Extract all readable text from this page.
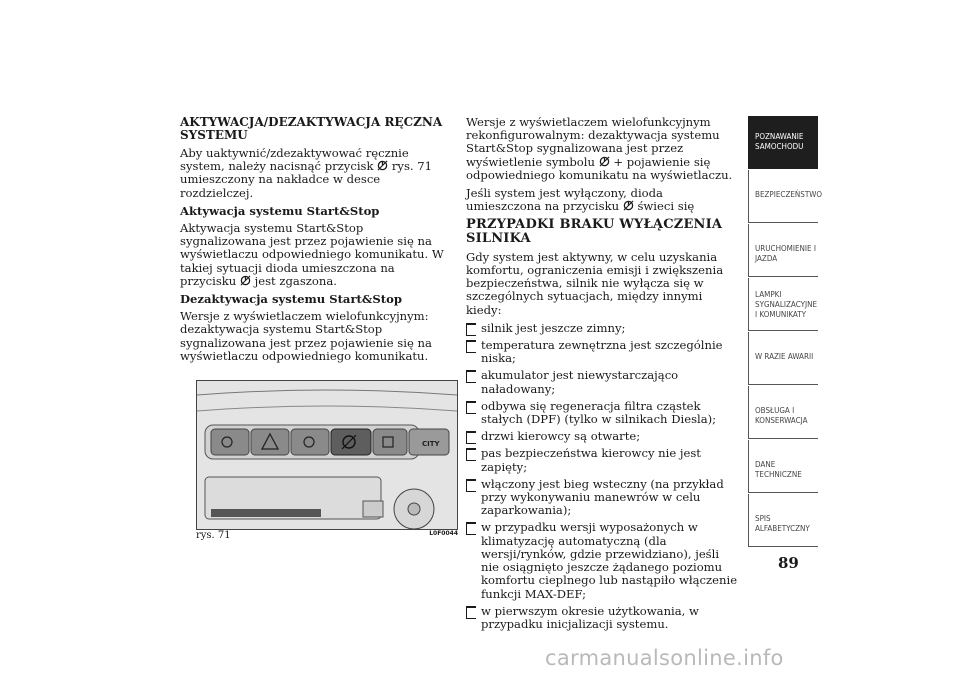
AKTYWACJA/DEZAKTYWACJA RĘCZNA SYSTEMU

Aby uaktywnić/zdezaktywować ręcznie system, należy nacisnąć przycisk rys. 71 umieszczony na nakładce w desce rozdzielczej.

Aktywacja systemu Start&Stop

Aktywacja systemu Start&Stop sygnalizowana jest przez pojawienie się na wyświetlaczu odpowiedniego komunikatu. W takiej sytuacji dioda umieszczona na przycisku jest zgaszona.

Dezaktywacja systemu Start&Stop

Wersje z wyświetlaczem wielofunkcyjnym: dezaktywacja systemu Start&Stop sygnalizowana jest przez pojawienie się na wyświetlaczu odpowiedniego komunikatu.

CITY
rys. 71	L0F0044

Wersje z wyświetlaczem wielofunkcyjnym rekonfigurowalnym: dezaktywacja systemu Start&Stop sygnalizowana jest przez wyświetlenie symbolu + pojawienie się odpowiedniego komunikatu na wyświetlaczu.

Jeśli system jest wyłączony, dioda umieszczona na przycisku świeci się

PRZYPADKI BRAKU WYŁĄCZENIA SILNIKA

Gdy system jest aktywny, w celu uzyskania komfortu, ograniczenia emisji i zwiększenia bezpieczeństwa, silnik nie wyłącza się w szczególnych sytuacjach, między innymi kiedy:

silnik jest jeszcze zimny;
temperatura zewnętrzna jest szczególnie niska;
akumulator jest niewystarczająco naładowany;
odbywa się regeneracja filtra cząstek stałych (DPF) (tylko w silnikach Diesla);
drzwi kierowcy są otwarte;
pas bezpieczeństwa kierowcy nie jest zapięty;
włączony jest bieg wsteczny (na przykład przy wykonywaniu manewrów w celu zaparkowania);
w przypadku wersji wyposażonych w klimatyzację automatyczną (dla wersji/rynków, gdzie przewidziano), jeśli nie osiągnięto jeszcze żądanego poziomu komfortu cieplnego lub nastąpiło włączenie funkcji MAX-DEF;
w pierwszym okresie użytkowania, w przypadku inicjalizacji systemu.
POZNAWANIE
SAMOCHODU
BEZPIECZEŃSTWO
URUCHOMIENIE I
JAZDA
LAMPKI
SYGNALIZACYJNE
I KOMUNIKATY
W RAZIE AWARII
OBSŁUGA I
KONSERWACJA
DANE
TECHNICZNE
SPIS
ALFABETYCZNY
89
carmanualsonline.info
